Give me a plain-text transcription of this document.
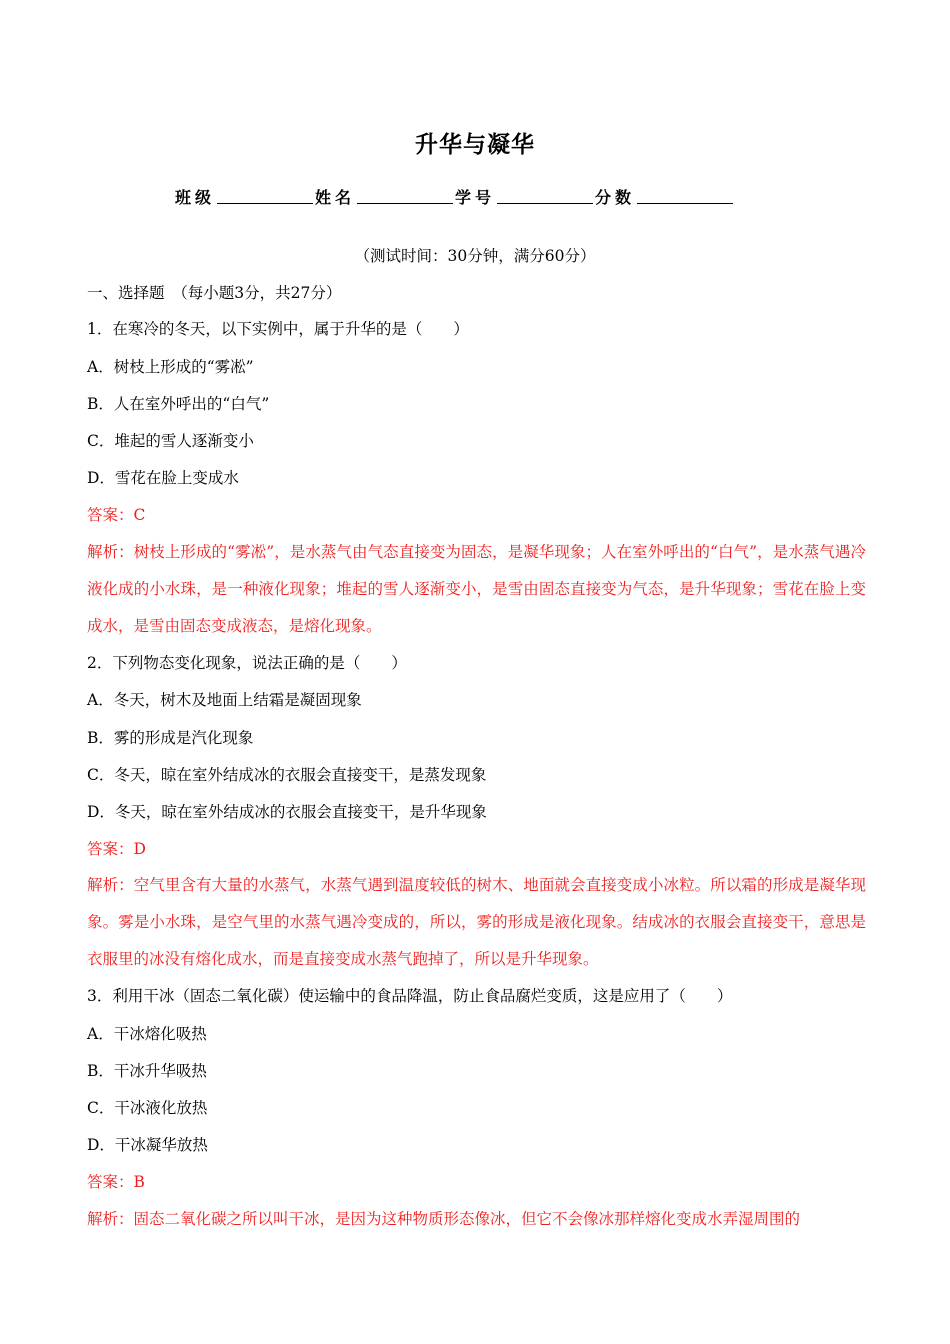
升华与凝华
班级	姓名	学号	分数
（测试时间：30分钟，满分60分）
一、选择题　（每小题3分，共27分）
1．在寒冷的冬天，以下实例中，属于升华的是（　　）
A．树枝上形成的“雾凇”
B．人在室外呼出的“白气”
C．堆起的雪人逐渐变小
D．雪花在脸上变成水
答案：C
解析：树枝上形成的“雾凇”，是水蒸气由气态直接变为固态，是凝华现象；人在室外呼出的“白气”，是水蒸气遇冷液化成的小水珠，是一种液化现象；堆起的雪人逐渐变小，是雪由固态直接变为气态，是升华现象；雪花在脸上变成水，是雪由固态变成液态，是熔化现象。
2．下列物态变化现象，说法正确的是（　　）
A．冬天，树木及地面上结霜是凝固现象
B．雾的形成是汽化现象
C．冬天，晾在室外结成冰的衣服会直接变干，是蒸发现象
D．冬天，晾在室外结成冰的衣服会直接变干，是升华现象
答案：D
解析：空气里含有大量的水蒸气，水蒸气遇到温度较低的树木、地面就会直接变成小冰粒。所以霜的形成是凝华现象。雾是小水珠，是空气里的水蒸气遇冷变成的，所以，雾的形成是液化现象。结成冰的衣服会直接变干，意思是衣服里的冰没有熔化成水，而是直接变成水蒸气跑掉了，所以是升华现象。
3．利用干冰（固态二氧化碳）使运输中的食品降温，防止食品腐烂变质，这是应用了（　　）
A．干冰熔化吸热
B．干冰升华吸热
C．干冰液化放热
D．干冰凝华放热
答案：B
解析：固态二氧化碳之所以叫干冰，是因为这种物质形态像冰，但它不会像冰那样熔化变成水弄湿周围的
